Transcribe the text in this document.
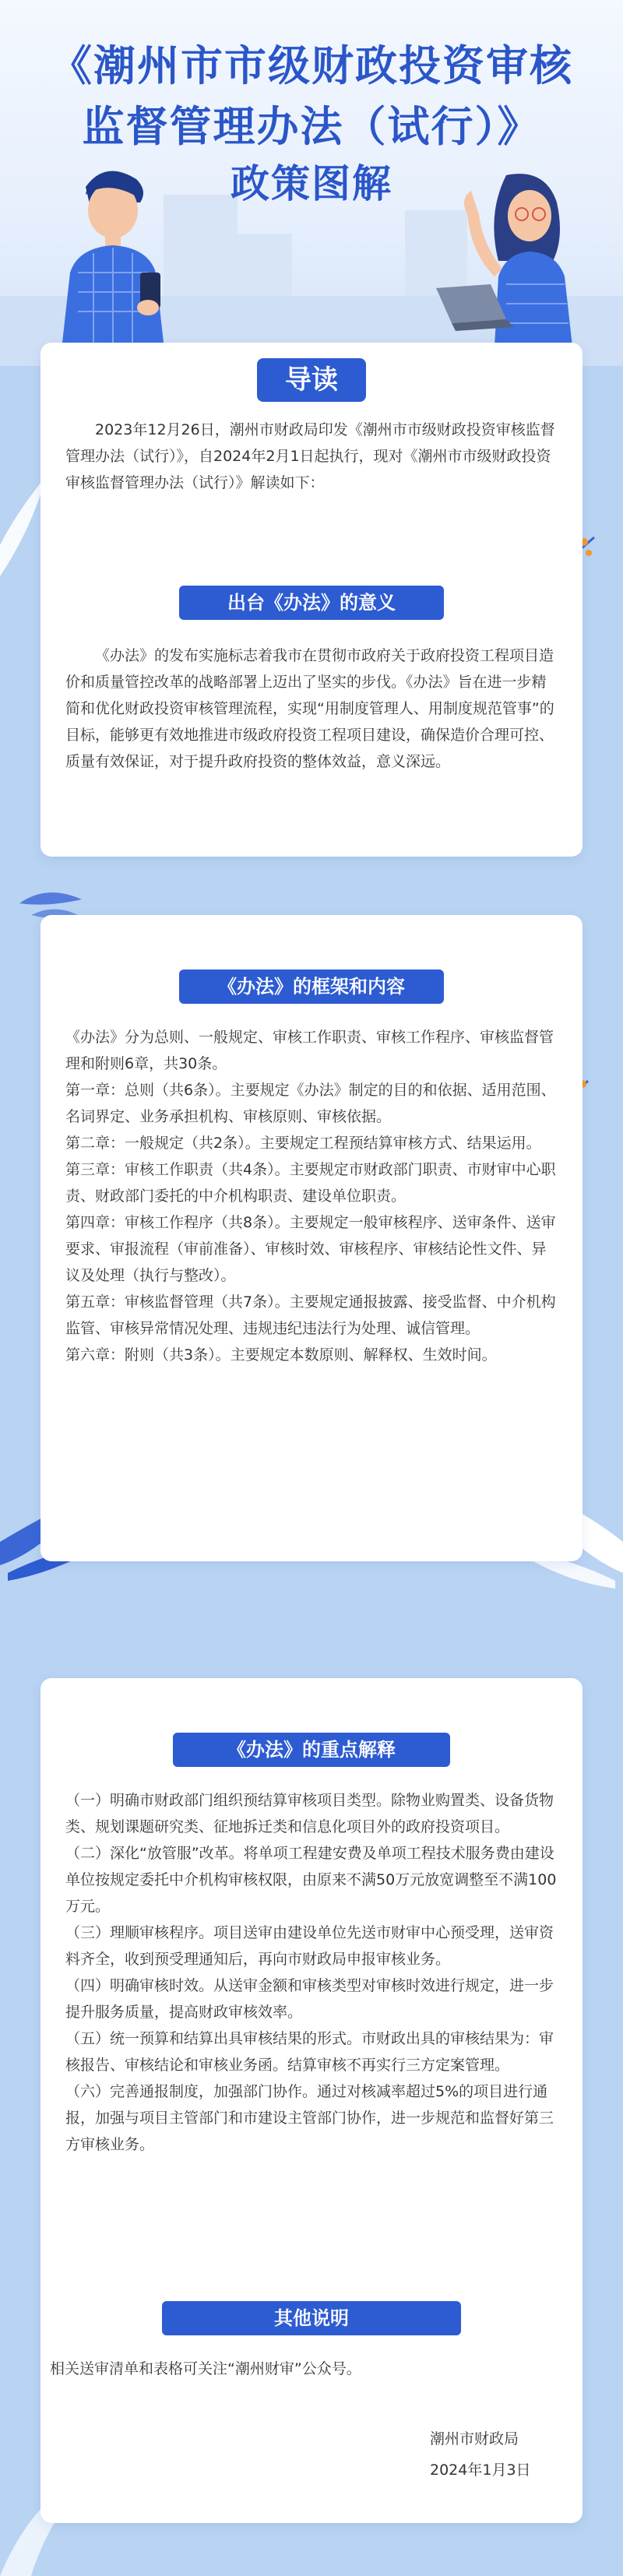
《潮州市市级财政投资审核
监督管理办法（试行）》
政策图解
导读

2023年12月26日，潮州市财政局印发《潮州市市级财政投资审核监督管理办法（试行）》，自2024年2月1日起执行，现对《潮州市市级财政投资审核监督管理办法（试行）》解读如下：

出台《办法》的意义

《办法》的发布实施标志着我市在贯彻市政府关于政府投资工程项目造价和质量管控改革的战略部署上迈出了坚实的步伐。《办法》旨在进一步精简和优化财政投资审核管理流程，实现“用制度管理人、用制度规范管事”的目标，能够更有效地推进市级政府投资工程项目建设，确保造价合理可控、质量有效保证，对于提升政府投资的整体效益，意义深远。

《办法》的框架和内容

《办法》分为总则、一般规定、审核工作职责、审核工作程序、审核监督管理和附则6章，共30条。

第一章：总则（共6条）。主要规定《办法》制定的目的和依据、适用范围、名词界定、业务承担机构、审核原则、审核依据。

第二章：一般规定（共2条）。主要规定工程预结算审核方式、结果运用。

第三章：审核工作职责（共4条）。主要规定市财政部门职责、市财审中心职责、财政部门委托的中介机构职责、建设单位职责。

第四章：审核工作程序（共8条）。主要规定一般审核程序、送审条件、送审要求、审报流程（审前准备）、审核时效、审核程序、审核结论性文件、异议及处理（执行与整改）。

第五章：审核监督管理（共7条）。主要规定通报披露、接受监督、中介机构监管、审核异常情况处理、违规违纪违法行为处理、诚信管理。

第六章：附则（共3条）。主要规定本数原则、解释权、生效时间。

《办法》的重点解释

（一）明确市财政部门组织预结算审核项目类型。除物业购置类、设备货物类、规划课题研究类、征地拆迁类和信息化项目外的政府投资项目。

（二）深化“放管服”改革。将单项工程建安费及单项工程技术服务费由建设单位按规定委托中介机构审核权限，由原来不满50万元放宽调整至不满100万元。

（三）理顺审核程序。项目送审由建设单位先送市财审中心预受理，送审资料齐全，收到预受理通知后，再向市财政局申报审核业务。

（四）明确审核时效。从送审金额和审核类型对审核时效进行规定，进一步提升服务质量，提高财政审核效率。

（五）统一预算和结算出具审核结果的形式。市财政出具的审核结果为：审核报告、审核结论和审核业务函。结算审核不再实行三方定案管理。

（六）完善通报制度，加强部门协作。通过对核减率超过5%的项目进行通报，加强与项目主管部门和市建设主管部门协作，进一步规范和监督好第三方审核业务。

其他说明

相关送审清单和表格可关注“潮州财审”公众号。

潮州市财政局
2024年1月3日
